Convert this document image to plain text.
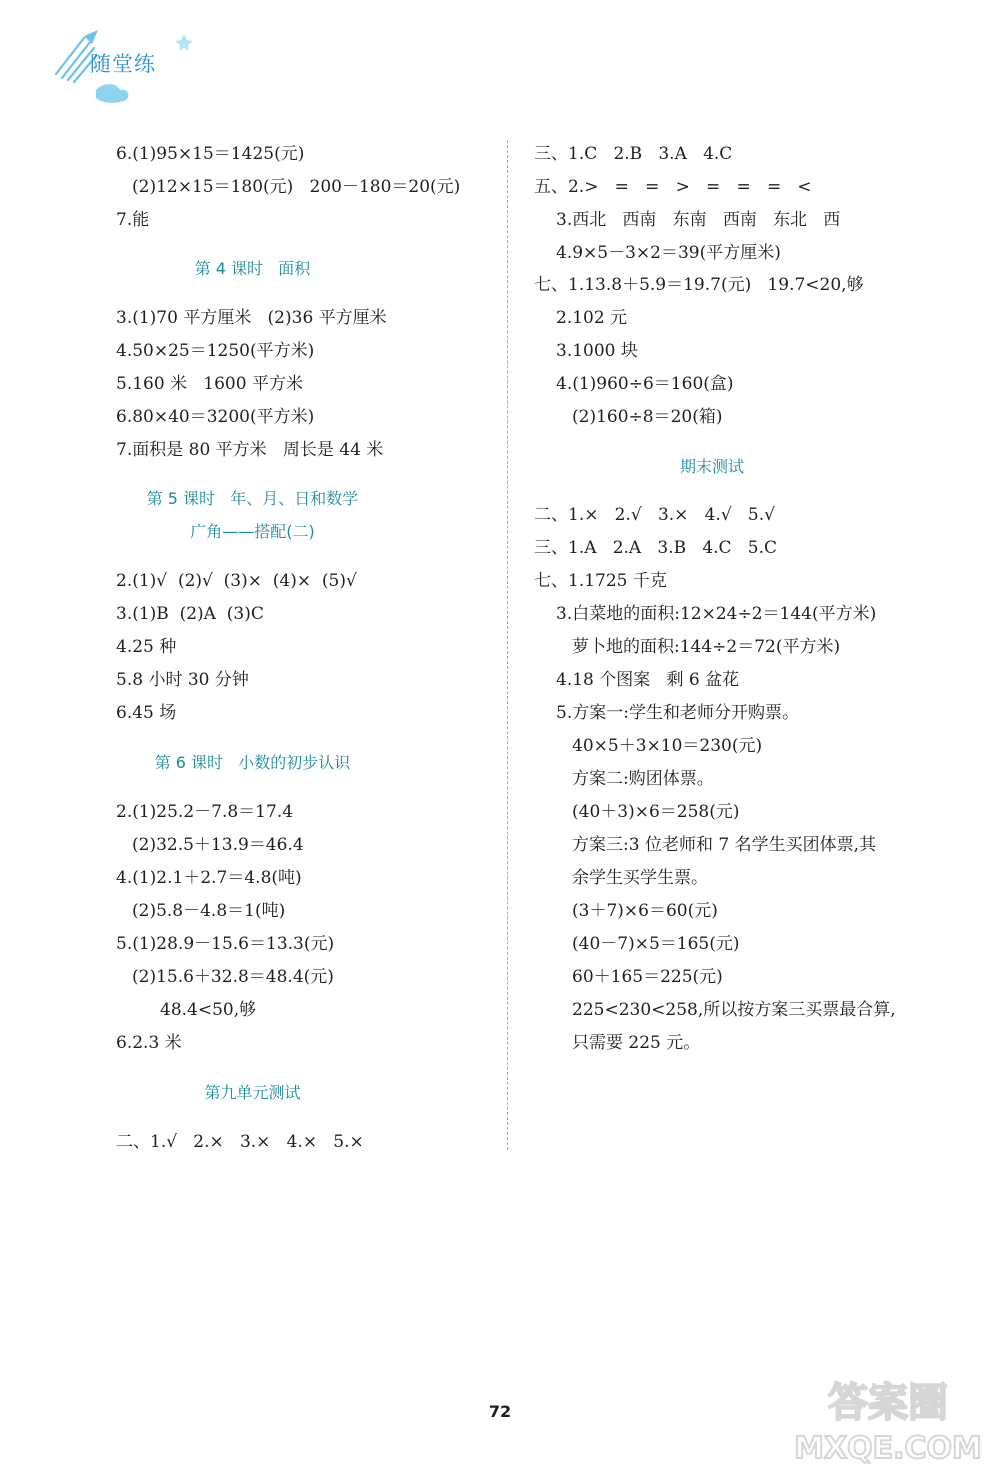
随堂练
6.(1)95×15＝1425(元)
(2)12×15＝180(元)   200－180＝20(元)
7.能
第 4 课时   面积
3.(1)70 平方厘米   (2)36 平方厘米
4.50×25＝1250(平方米)
5.160 米   1600 平方米
6.80×40＝3200(平方米)
7.面积是 80 平方米   周长是 44 米
第 5 课时   年、月、日和数学
广角——搭配(二)
2.(1)√  (2)√  (3)×  (4)×  (5)√
3.(1)B  (2)A  (3)C
4.25 种
5.8 小时 30 分钟
6.45 场
第 6 课时   小数的初步认识
2.(1)25.2－7.8＝17.4
(2)32.5＋13.9＝46.4
4.(1)2.1＋2.7＝4.8(吨)
(2)5.8－4.8＝1(吨)
5.(1)28.9－15.6＝13.3(元)
(2)15.6＋32.8＝48.4(元)
48.4<50,够
6.2.3 米
第九单元测试
二、1.√   2.×   3.×   4.×   5.×
三、1.C   2.B   3.A   4.C
五、2.>   =   =   >   =   =   =   <
3.西北   西南   东南   西南   东北   西
4.9×5－3×2＝39(平方厘米)
七、1.13.8＋5.9＝19.7(元)   19.7<20,够
2.102 元
3.1000 块
4.(1)960÷6＝160(盒)
(2)160÷8＝20(箱)
期末测试
二、1.×   2.√   3.×   4.√   5.√
三、1.A   2.A   3.B   4.C   5.C
七、1.1725 千克
3.白菜地的面积:12×24÷2＝144(平方米)
萝卜地的面积:144÷2＝72(平方米)
4.18 个图案   剩 6 盆花
5.方案一:学生和老师分开购票。
40×5＋3×10＝230(元)
方案二:购团体票。
(40＋3)×6＝258(元)
方案三:3 位老师和 7 名学生买团体票,其
余学生买学生票。
(3＋7)×6＝60(元)
(40－7)×5＝165(元)
60＋165＝225(元)
225<230<258,所以按方案三买票最合算,
只需要 225 元。
72	答案圈
MXQE.COM
